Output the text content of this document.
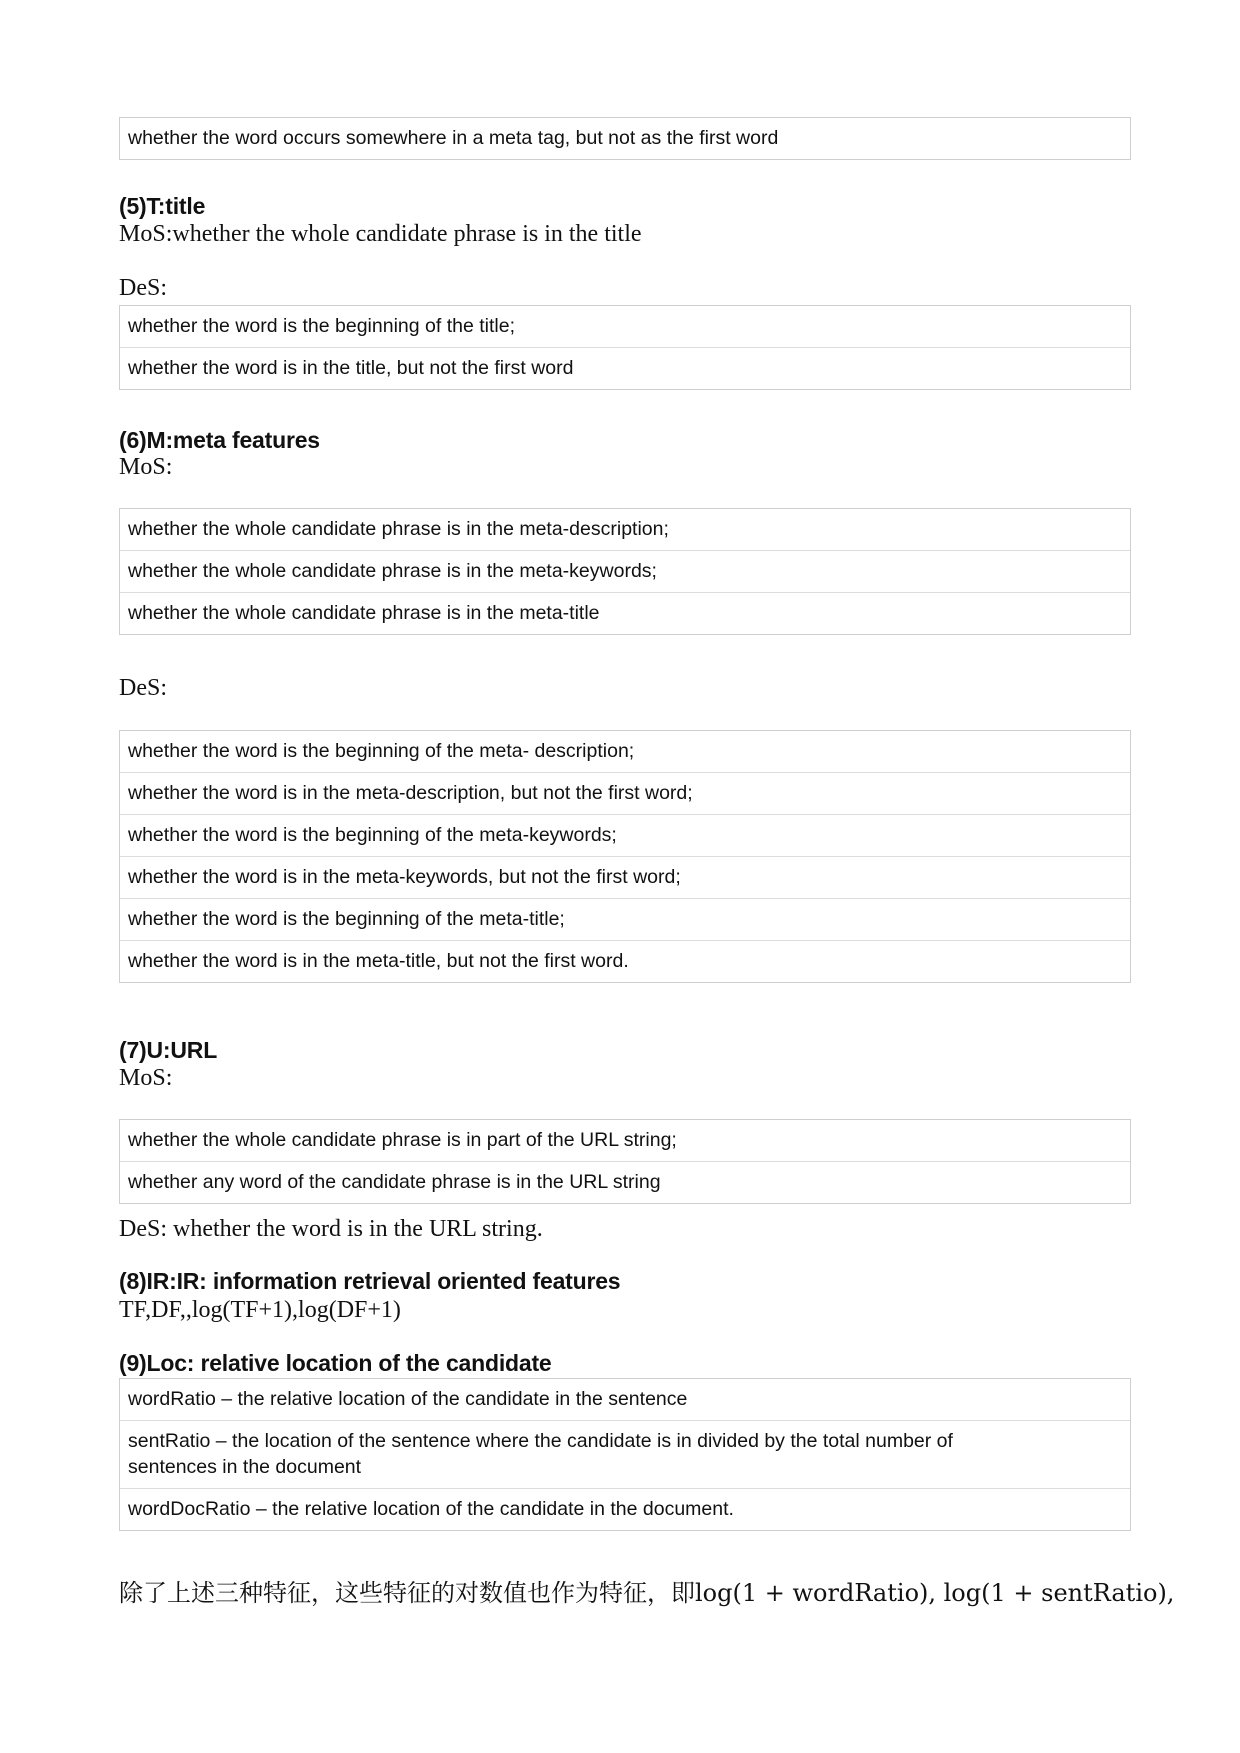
whether the word occurs somewhere in a meta tag, but not as the first word
(5)T:title
MoS:whether the whole candidate phrase is in the title
DeS:
whether the word is the beginning of the title;
whether the word is in the title, but not the first word
(6)M:meta features
MoS:
whether the whole candidate phrase is in the meta-description;
whether the whole candidate phrase is in the meta-keywords;
whether the whole candidate phrase is in the meta-title
DeS:
whether the word is the beginning of the meta- description;
whether the word is in the meta-description, but not the first word;
whether the word is the beginning of the meta-keywords;
whether the word is in the meta-keywords, but not the first word;
whether the word is the beginning of the meta-title;
whether the word is in the meta-title, but not the first word.
(7)U:URL
MoS:
whether the whole candidate phrase is in part of the URL string;
whether any word of the candidate phrase is in the URL string
DeS: whether the word is in the URL string.
(8)IR:IR: information retrieval oriented features
TF,DF,,log(TF+1),log(DF+1)
(9)Loc: relative location of the candidate
wordRatio – the relative location of the candidate in the sentence
sentRatio – the location of the sentence where the candidate is in divided by the total number of sentences in the document
wordDocRatio – the relative location of the candidate in the document.
除了上述三种特征，这些特征的对数值也作为特征，即log(1 + wordRatio), log(1 + sentRatio),
